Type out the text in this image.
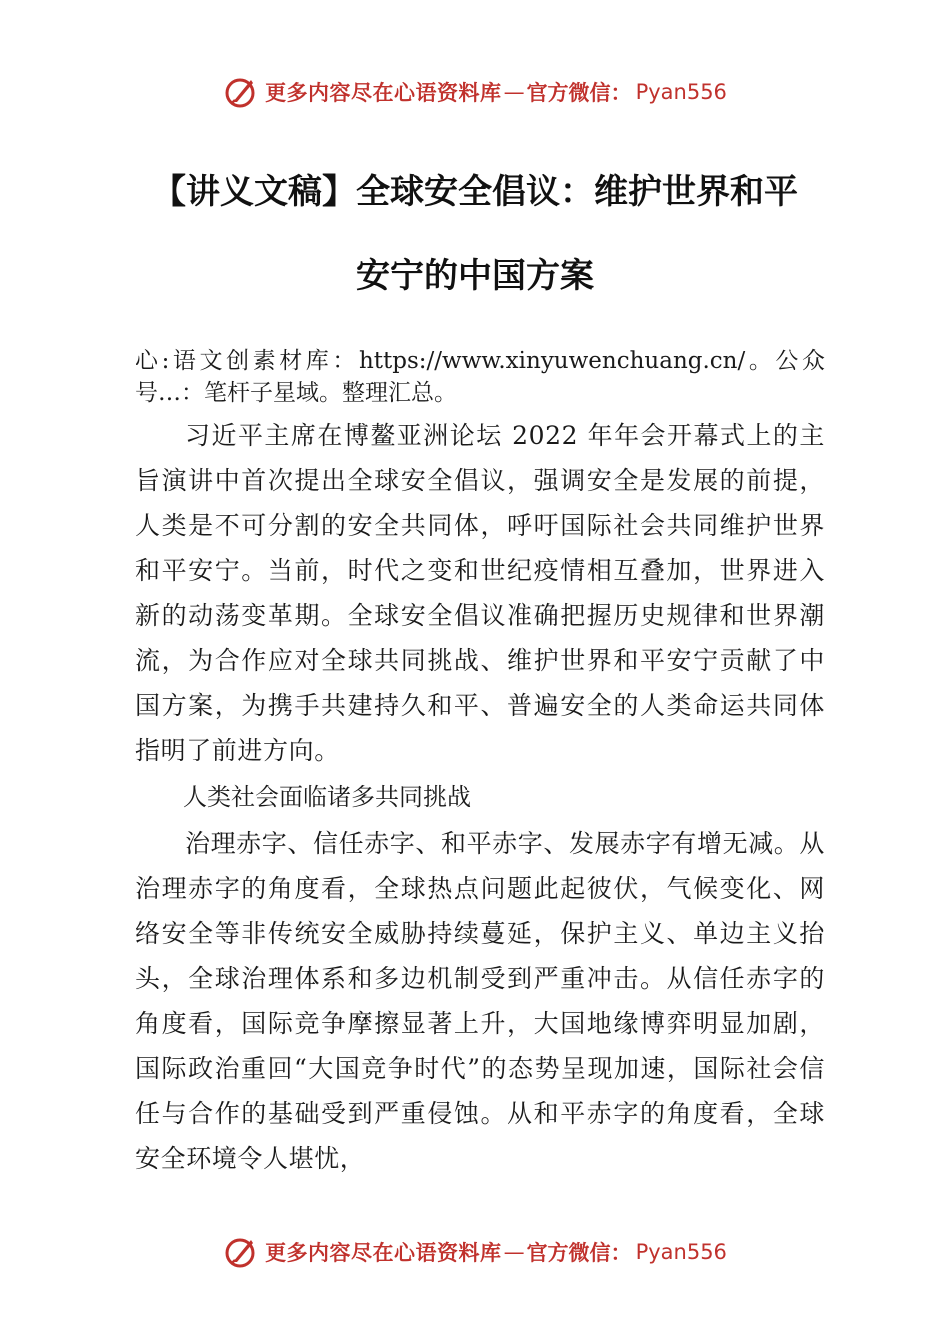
更多内容尽在心语资料库 — 官方微信： Pyan556
【讲义文稿】全球安全倡议：维护世界和平
安宁的中国方案
心:语文创素材库：https://www.xinyuwenchuang.cn/。公众号…：笔杆子星域。整理汇总。

习近平主席在博鳌亚洲论坛 2022 年年会开幕式上的主旨演讲中首次提出全球安全倡议，强调安全是发展的前提，人类是不可分割的安全共同体，呼吁国际社会共同维护世界和平安宁。当前，时代之变和世纪疫情相互叠加，世界进入新的动荡变革期。全球安全倡议准确把握历史规律和世界潮流，为合作应对全球共同挑战、维护世界和平安宁贡献了中国方案，为携手共建持久和平、普遍安全的人类命运共同体指明了前进方向。

人类社会面临诸多共同挑战

治理赤字、信任赤字、和平赤字、发展赤字有增无减。从治理赤字的角度看，全球热点问题此起彼伏，气候变化、网络安全等非传统安全威胁持续蔓延，保护主义、单边主义抬头，全球治理体系和多边机制受到严重冲击。从信任赤字的角度看，国际竞争摩擦显著上升，大国地缘博弈明显加剧，国际政治重回“大国竞争时代”的态势呈现加速，国际社会信任与合作的基础受到严重侵蚀。从和平赤字的角度看，全球安全环境令人堪忧，

更多内容尽在心语资料库 — 官方微信： Pyan556
